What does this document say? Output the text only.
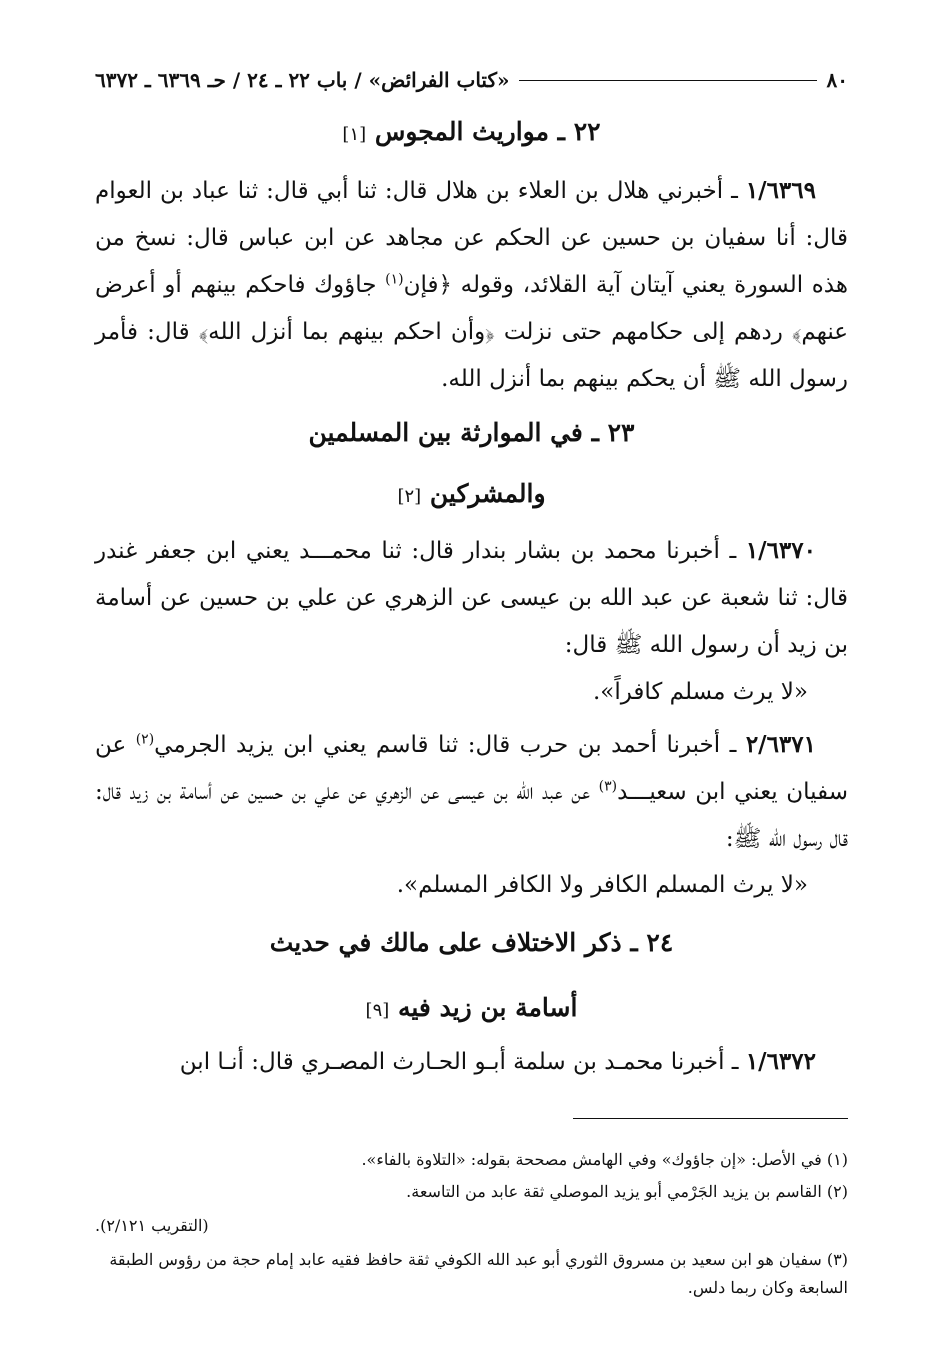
٨٠
«كتاب الفرائض» / باب ٢٢ ـ ٢٤ / حـ ٦٣٦٩ ـ ٦٣٧٢
٢٢ ـ مواريث المجوس [١]
١/٦٣٦٩ ـ أخبرني هلال بن العلاء بن هلال قال: ثنا أبي قال: ثنا عباد بن العوام قال: أنا سفيان بن حسين عن الحكم عن مجاهد عن ابن عباس قال: نسخ من هذه السورة يعني آيتان آية القلائد، وقوله ﴿فإن$^{(١)}$ جاؤوك فاحكم بينهم أو أعرض عنهم﴾ ردهم إلى حكامهم حتى نزلت ﴿وأن احكم بينهم بما أنزل الله﴾ قال: فأمر رسول الله ﷺ أن يحكم بينهم بما أنزل الله.
٢٣ ـ في الموارثة بين المسلمين
والمشركين [٢]
١/٦٣٧٠ ـ أخبرنا محمد بن بشار بندار قال: ثنا محمـــد يعني ابن جعفر غندر قال: ثنا شعبة عن عبد الله بن عيسى عن الزهري عن علي بن حسين عن أسامة بن زيد أن رسول الله ﷺ قال:
«لا يرث مسلم كافراً».
٢/٦٣٧١ ـ أخبرنا أحمد بن حرب قال: ثنا قاسم يعني ابن يزيد الجرمي$^{(٢)}$ عن سفيان يعني ابن سعيـــد$^{(٣)}$ عن عبد الله بن عيسى عن الزهري عن علي بن حسين عن أسامة بن زيد قال: قال رسول الله ﷺ:
«لا يرث المسلم الكافر ولا الكافر المسلم».
٢٤ ـ ذكر الاختلاف على مالك في حديث
أسامة بن زيد فيه [٩]
١/٦٣٧٢ ـ أخبرنا محمـد بن سلمة أبـو الحـارث المصـري قال: أنـا ابن
(١) في الأصل: «إن جاؤوك» وفي الهامش مصححة بقوله: «التلاوة بالفاء».
(٢) القاسم بن يزيد الجَرْمي أبو يزيد الموصلي ثقة عابد من التاسعة.
(التقريب ٢/١٢١).
(٣) سفيان هو ابن سعيد بن مسروق الثوري أبو عبد الله الكوفي ثقة حافظ فقيه عابد إمام حجة من رؤوس الطبقة السابعة وكان ربما دلس.
